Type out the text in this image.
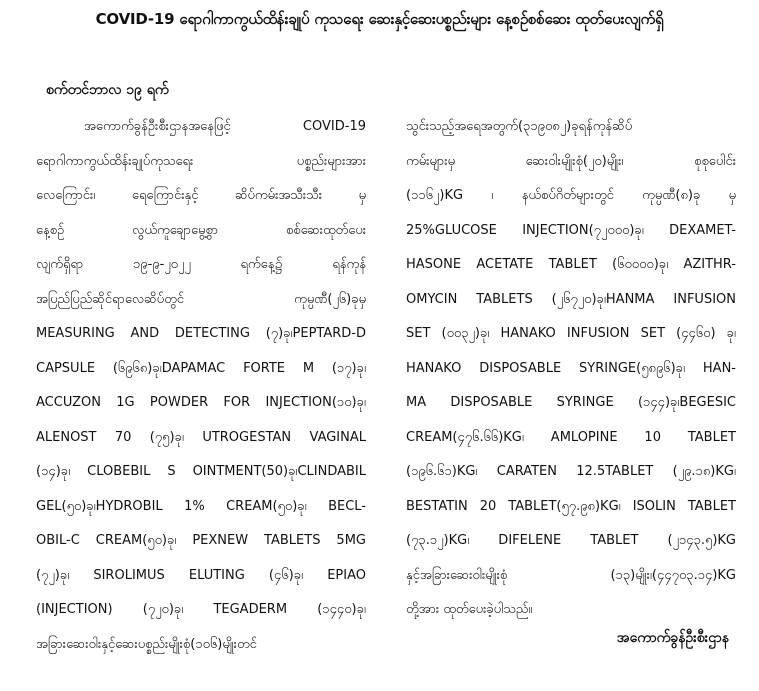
COVID-19 ရောဂါကာကွယ်ထိန်းချုပ် ကုသရေး ဆေးနှင့်ဆေးပစ္စည်းများ နေ့စဉ်စစ်ဆေး ထုတ်ပေးလျက်ရှိ
စက်တင်ဘာလ ၁၉ ရက်
အကောက်ခွန်ဦးစီးဌာနအနေဖြင့် COVID-19
ရောဂါကာကွယ်ထိန်းချုပ်ကုသရေး ပစ္စည်းများအား
လေကြောင်း၊ ရေကြောင်းနှင့် ဆိပ်ကမ်းအသီးသီး မှ
နေ့စဉ် လွယ်ကူချောမွေ့စွာ စစ်ဆေးထုတ်ပေး
လျက်ရှိရာ ၁၉-၉-၂၀၂၂ ရက်နေ့၌ ရန်ကုန်
အပြည်ပြည်ဆိုင်ရာလေဆိပ်တွင် ကုမ္ပဏီ(၂၆)ခုမှ
MEASURING AND DETECTING (၇)ခု၊PEPTARD-D
CAPSULE (၆၉၆၈)ခု၊DAPAMAC FORTE M (၁၇)ခု၊
ACCUZON 1G POWDER FOR INJECTION(၁၀)ခု၊
ALENOST 70 (၇၅)ခု၊ UTROGESTAN VAGINAL
(၁၄)ခု၊ CLOBEBIL S OINTMENT(50)ခု၊CLINDABIL
GEL(၅၀)ခု၊HYDROBIL 1% CREAM(၅၀)ခု၊ BECL-
OBIL-C CREAM(၅၀)ခု၊ PEXNEW TABLETS 5MG
(၇၂)ခု၊ SIROLIMUS ELUTING (၄၆)ခု၊ EPIAO
(INJECTION) (၇၂၀)ခု၊ TEGADERM (၁၄၄၀)ခု၊
အခြားဆေးဝါးနှင့်ဆေးပစ္စည်းမျိုးစုံ(၁၀၆)မျိုးတင်
သွင်းသည့်အရေအတွက်(၃၁၉၀၈၂)ခုရန်ကုန်ဆိပ်
ကမ်းများမှ ဆေးဝါးမျိုးစုံ(၂၀)မျိုး၊ စုစုပေါင်း
(၁၁၆၂)KG ၊ နယ်စပ်ဂိတ်များတွင် ကုမ္ပဏီ(၈)ခု မှ
25%GLUCOSE INJECTION(၇၂၀၀၀)ခု၊ DEXAMET-
HASONE ACETATE TABLET (၆၀၀၀၀)ခု၊ AZITHR-
OMYCIN TABLETS (၂၆၇၂၀)ခု၊HANMA INFUSION
SET (၀၀၃၂)ခု၊ HANAKO INFUSION SET (၄၄၆၀) ခု၊
HANAKO DISPOSABLE SYRINGE(၅၈၉၆)ခု၊ HAN-
MA DISPOSABLE SYRINGE (၁၄၄)ခု၊BEGESIC
CREAM(၄၇၆.၆၆)KG၊ AMLOPINE 10 TABLET
(၁၉၆.၆၁)KG၊ CARATEN 12.5TABLET (၂၉.၁၈)KG၊
BESTATIN 20 TABLET(၅၇.၉၈)KG၊ ISOLIN TABLET
(၇၃.၁၂)KG၊ DIFELENE TABLET (၂၁၄၃.၅)KG
နှင့်အခြားဆေးဝါးမျိုးစုံ (၁၃)မျိုး၊(၄၄၇၀၃.၁၄)KG
တို့အား ထုတ်ပေးခဲ့ပါသည်။
အကောက်ခွန်ဦးစီးဌာန
